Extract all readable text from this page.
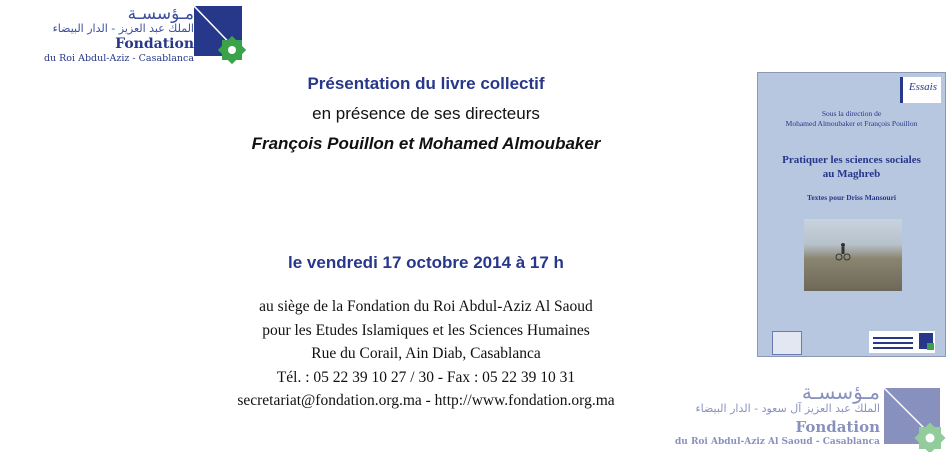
مـؤسسـة
الملك عبد العزيز - الدار البيضاء
Fondation
du Roi Abdul-Aziz - Casablanca
Présentation du livre collectif
en présence de ses directeurs
François Pouillon et Mohamed Almoubaker
le vendredi 17 octobre 2014 à 17 h
au siège de la Fondation du Roi Abdul-Aziz Al Saoud
pour les Etudes Islamiques et les Sciences Humaines
Rue du Corail, Ain Diab, Casablanca
Tél. : 05 22 39 10 27 / 30 - Fax : 05 22 39 10 31
secretariat@fondation.org.ma - http://www.fondation.org.ma
Essais
Sous la direction de
Mohamed Almoubaker et François Pouillon
Pratiquer les sciences sociales
au Maghreb
Textes pour Driss Mansouri
مـؤسسـة
الملك عبد العزيز آل سعود - الدار البيضاء
Fondation
du Roi Abdul-Aziz Al Saoud - Casablanca
